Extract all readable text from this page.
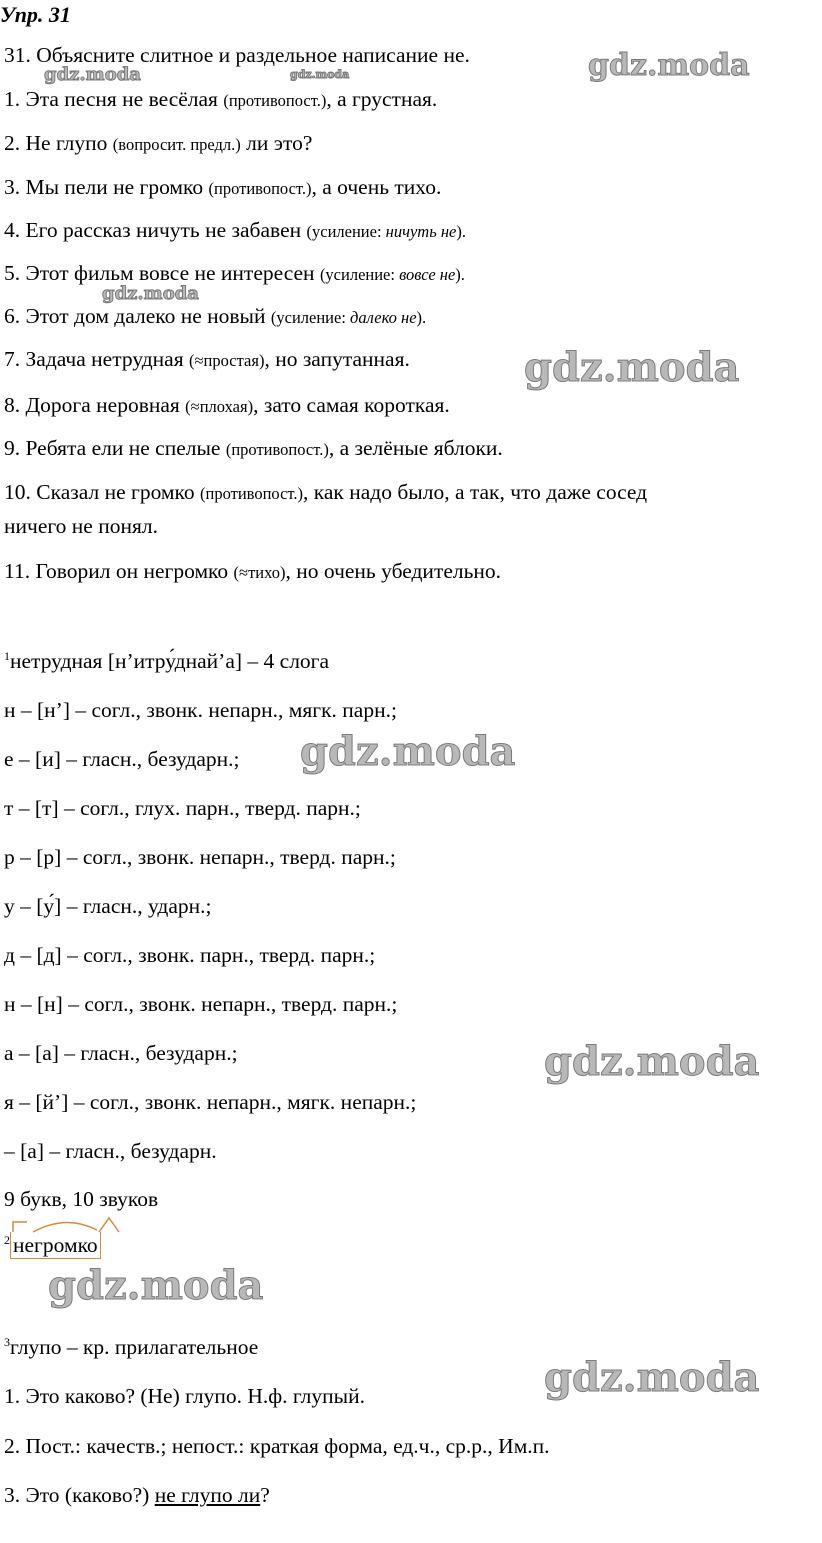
Упр. 31
31. Объясните слитное и раздельное написание не.
1. Эта песня не весёлая (противопост.), а грустная.
2. Не глупо (вопросит. предл.) ли это?
3. Мы пели не громко (противопост.), а очень тихо.
4. Его рассказ ничуть не забавен (усиление: ничуть не).
5. Этот фильм вовсе не интересен (усиление: вовсе не).
6. Этот дом далеко не новый (усиление: далеко не).
7. Задача нетрудная (≈простая), но запутанная.
8. Дорога неровная (≈плохая), зато самая короткая.
9. Ребята ели не спелые (противопост.), а зелёные яблоки.
10. Сказал не громко (противопост.), как надо было, а так, что даже сосед
ничего не понял.
11. Говорил он негромко (≈тихо), но очень убедительно.
$^1$нетрудная [н’итру́днай’а] – 4 слога
н – [н’] – согл., звонк. непарн., мягк. парн.;
е – [и] – гласн., безударн.;
т – [т] – согл., глух. парн., тверд. парн.;
р – [р] – согл., звонк. непарн., тверд. парн.;
у – [у́] – гласн., ударн.;
д – [д] – согл., звонк. парн., тверд. парн.;
н – [н] – согл., звонк. непарн., тверд. парн.;
а – [а] – гласн., безударн.;
я – [й’] – согл., звонк. непарн., мягк. непарн.;
– [а] – гласн., безударн.
9 букв, 10 звуков
$^2$ негромко
$^3$глупо – кр. прилагательное
1. Это каково? (Не) глупо. Н.ф. глупый.
2. Пост.: качеств.; непост.: краткая форма, ед.ч., ср.р., Им.п.
3. Это (каково?) не глупо ли?
gdz.moda
gdz.moda	gdz.moda
gdz.moda
gdz.moda
gdz.moda
gdz.moda
gdz.moda
gdz.moda
